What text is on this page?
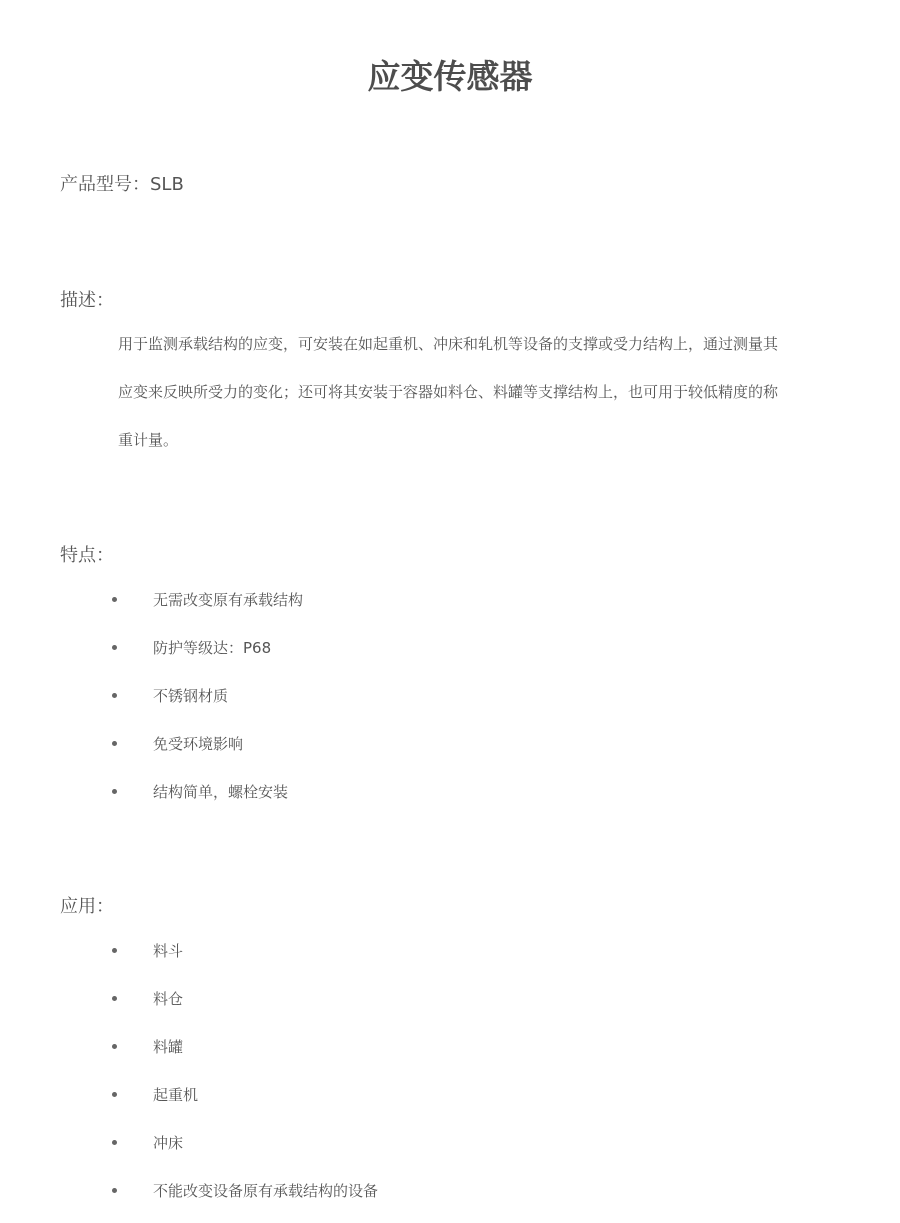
应变传感器
产品型号：SLB
描述：

用于监测承载结构的应变，可安装在如起重机、冲床和轧机等设备的支撑或受力结构上，通过测量其应变来反映所受力的变化；还可将其安装于容器如料仓、料罐等支撑结构上，也可用于较低精度的称重计量。

特点：
无需改变原有承载结构
防护等级达：P68
不锈钢材质
免受环境影响
结构简单，螺栓安装
应用：
料斗
料仓
料罐
起重机
冲床
不能改变设备原有承载结构的设备
